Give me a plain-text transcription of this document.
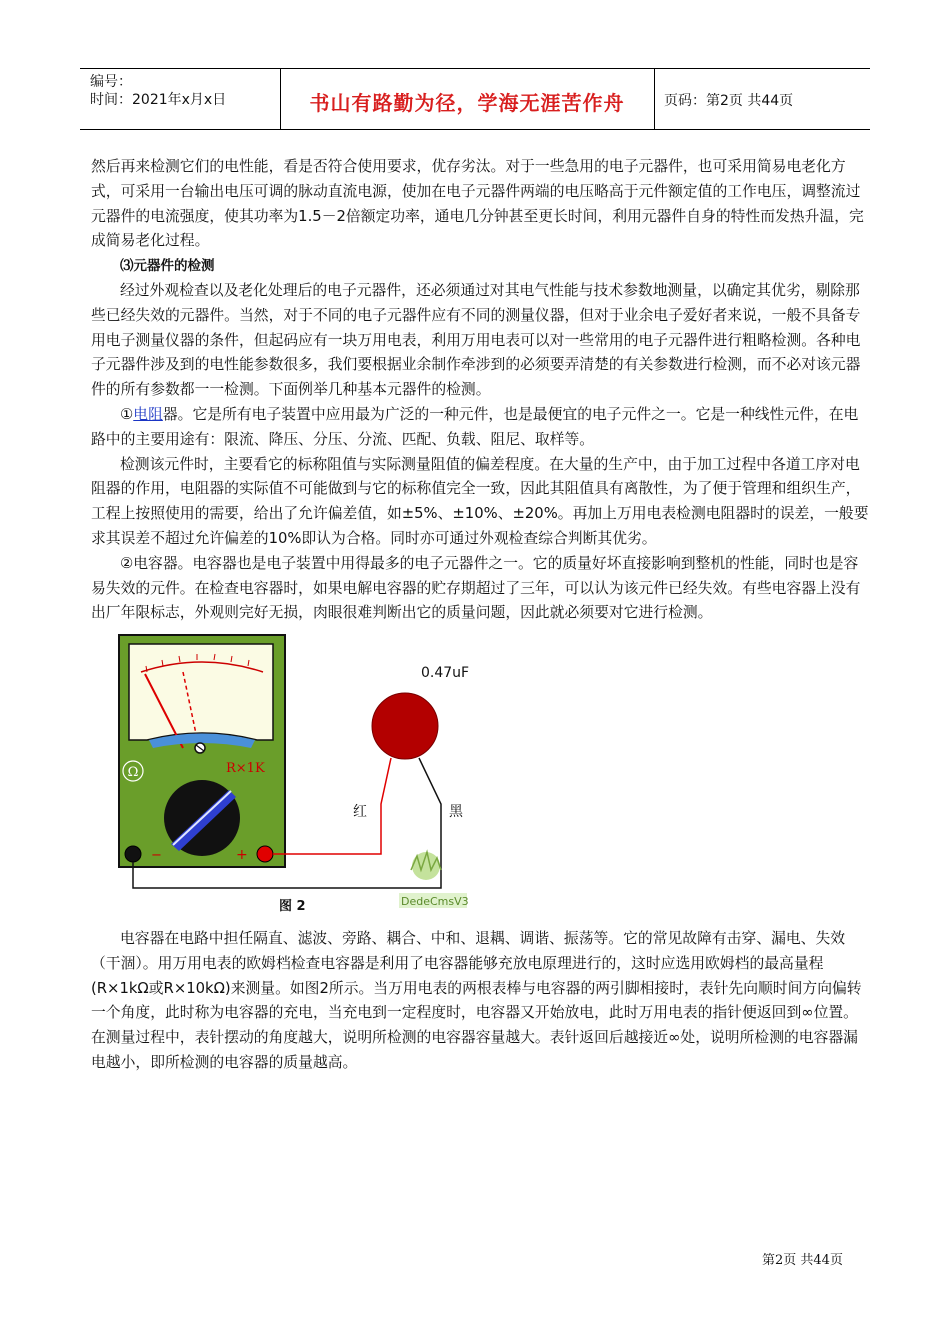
编号：
时间：2021年x月x日	书山有路勤为径，学海无涯苦作舟	页码：第2页 共44页

然后再来检测它们的电性能，看是否符合使用要求，优存劣汰。对于一些急用的电子元器件，也可采用简易电老化方式，可采用一台输出电压可调的脉动直流电源，使加在电子元器件两端的电压略高于元件额定值的工作电压，调整流过元器件的电流强度，使其功率为1.5－2倍额定功率，通电几分钟甚至更长时间，利用元器件自身的特性而发热升温，完成简易老化过程。

⑶元器件的检测

经过外观检查以及老化处理后的电子元器件，还必须通过对其电气性能与技术参数地测量，以确定其优劣，剔除那些已经失效的元器件。当然，对于不同的电子元器件应有不同的测量仪器，但对于业余电子爱好者来说，一般不具备专用电子测量仪器的条件，但起码应有一块万用电表，利用万用电表可以对一些常用的电子元器件进行粗略检测。各种电子元器件涉及到的电性能参数很多，我们要根据业余制作牵涉到的必须要弄清楚的有关参数进行检测，而不必对该元器件的所有参数都一一检测。下面例举几种基本元器件的检测。

①电阻器。它是所有电子装置中应用最为广泛的一种元件，也是最便宜的电子元件之一。它是一种线性元件，在电路中的主要用途有：限流、降压、分压、分流、匹配、负载、阻尼、取样等。

检测该元件时，主要看它的标称阻值与实际测量阻值的偏差程度。在大量的生产中，由于加工过程中各道工序对电阻器的作用，电阻器的实际值不可能做到与它的标称值完全一致，因此其阻值具有离散性，为了便于管理和组织生产，工程上按照使用的需要，给出了允许偏差值，如±5%、±10%、±20%。再加上万用电表检测电阻器时的误差，一般要求其误差不超过允许偏差的10%即认为合格。同时亦可通过外观检查综合判断其优劣。

②电容器。电容器也是电子装置中用得最多的电子元器件之一。它的质量好坏直接影响到整机的性能，同时也是容易失效的元件。在检查电容器时，如果电解电容器的贮存期超过了三年，可以认为该元件已经失效。有些电容器上没有出厂年限标志，外观则完好无损，肉眼很难判断出它的质量问题，因此就必须要对它进行检测。

Ω	R×1K
−	+
0.47uF
红	黑
图 2	DedeCmsV3

电容器在电路中担任隔直、滤波、旁路、耦合、中和、退耦、调谐、振荡等。它的常见故障有击穿、漏电、失效（干涸）。用万用电表的欧姆档检查电容器是利用了电容器能够充放电原理进行的，这时应选用欧姆档的最高量程(R×1kΩ或R×10kΩ)来测量。如图2所示。当万用电表的两根表棒与电容器的两引脚相接时，表针先向顺时间方向偏转一个角度，此时称为电容器的充电，当充电到一定程度时，电容器又开始放电，此时万用电表的指针便返回到∞位置。在测量过程中，表针摆动的角度越大，说明所检测的电容器容量越大。表针返回后越接近∞处，说明所检测的电容器漏电越小，即所检测的电容器的质量越高。

第2页 共44页
